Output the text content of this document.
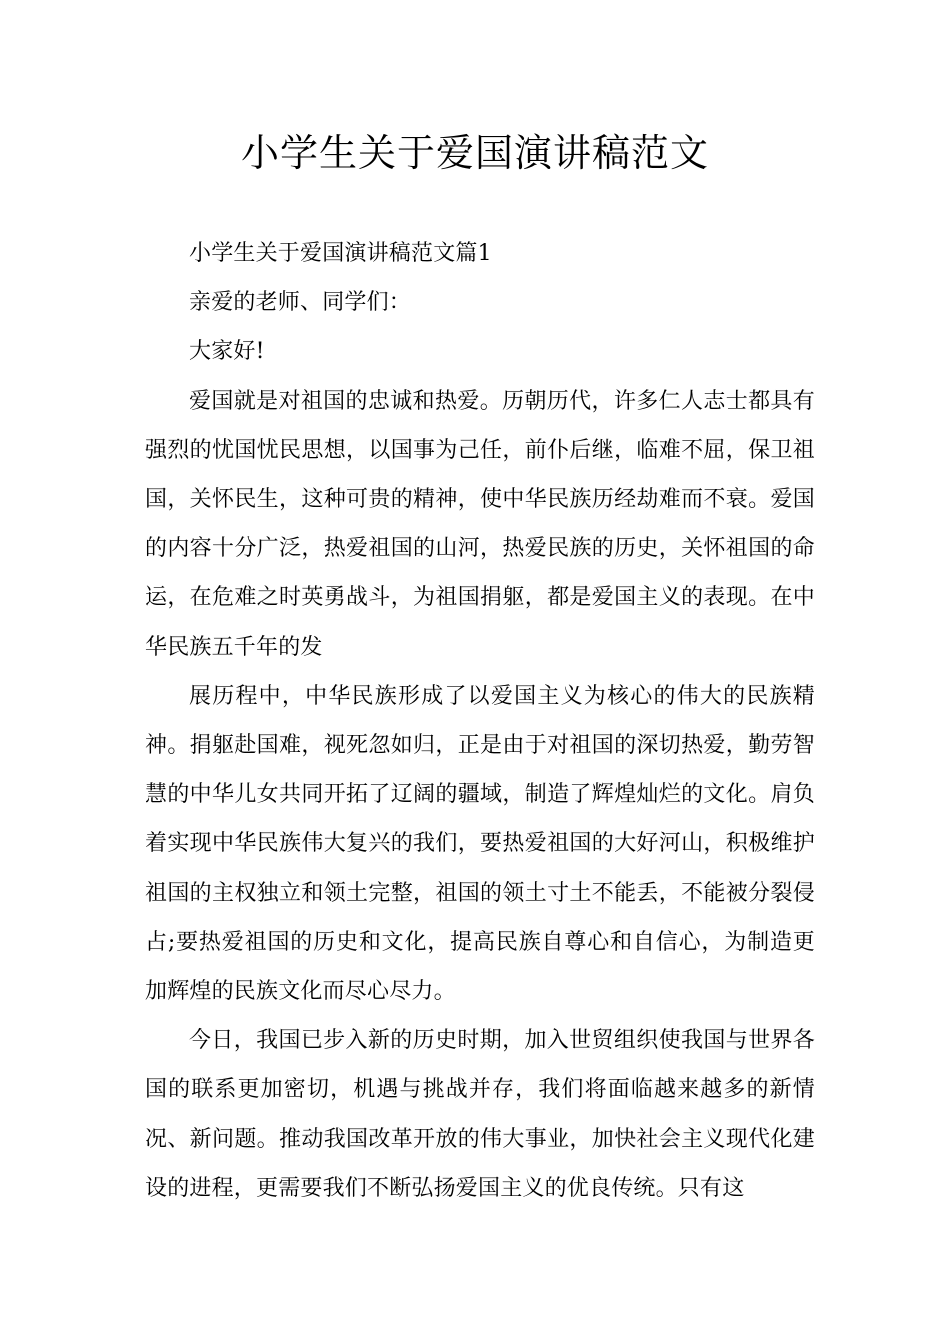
小学生关于爱国演讲稿范文

小学生关于爱国演讲稿范文篇1

亲爱的老师、同学们：

大家好!

爱国就是对祖国的忠诚和热爱。历朝历代，许多仁人志士都具有强烈的忧国忧民思想，以国事为己任，前仆后继，临难不屈，保卫祖国，关怀民生，这种可贵的精神，使中华民族历经劫难而不衰。爱国的内容十分广泛，热爱祖国的山河，热爱民族的历史，关怀祖国的命运，在危难之时英勇战斗，为祖国捐躯，都是爱国主义的表现。在中华民族五千年的发

展历程中，中华民族形成了以爱国主义为核心的伟大的民族精神。捐躯赴国难，视死忽如归，正是由于对祖国的深切热爱，勤劳智慧的中华儿女共同开拓了辽阔的疆域，制造了辉煌灿烂的文化。肩负着实现中华民族伟大复兴的我们，要热爱祖国的大好河山，积极维护祖国的主权独立和领土完整，祖国的领土寸土不能丢，不能被分裂侵占;要热爱祖国的历史和文化，提高民族自尊心和自信心，为制造更加辉煌的民族文化而尽心尽力。

今日，我国已步入新的历史时期，加入世贸组织使我国与世界各国的联系更加密切，机遇与挑战并存，我们将面临越来越多的新情况、新问题。推动我国改革开放的伟大事业，加快社会主义现代化建设的进程，更需要我们不断弘扬爱国主义的优良传统。只有这
